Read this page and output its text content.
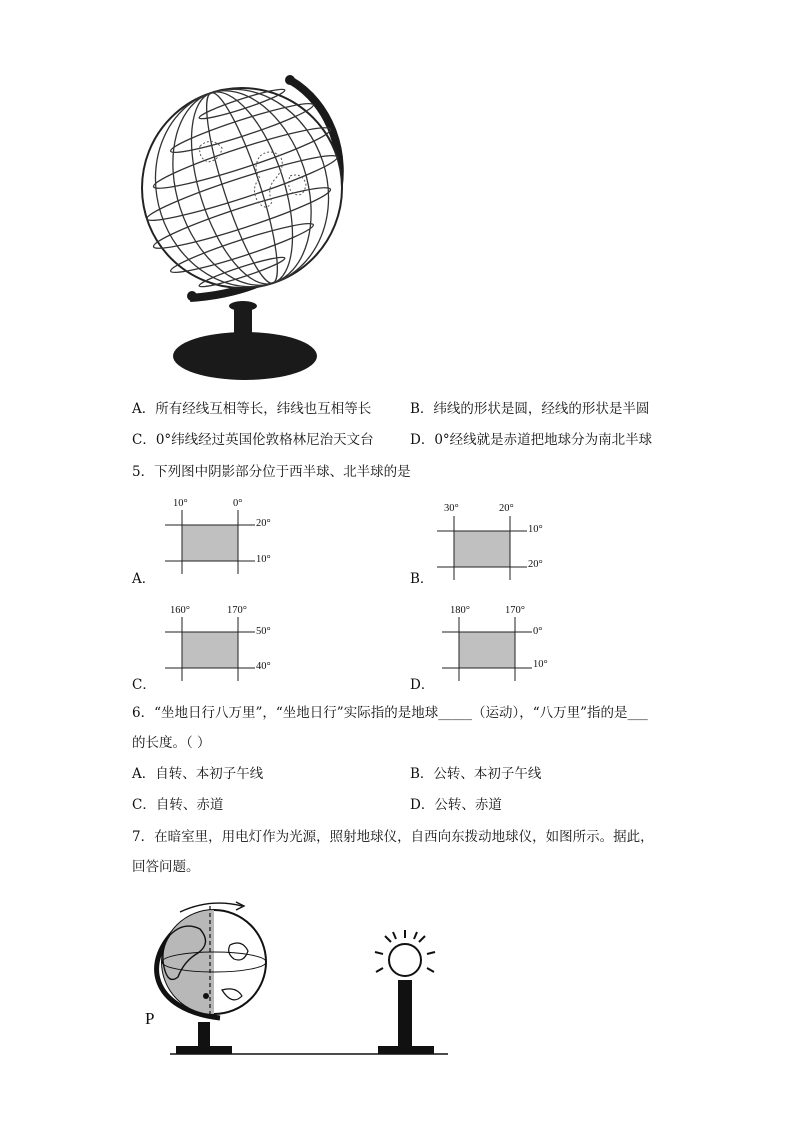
A．所有经线互相等长，纬线也互相等长	B．纬线的形状是圆，经线的形状是半圆
C．0°纬线经过英国伦敦格林尼治天文台	D．0°经线就是赤道把地球分为南北半球
5．下列图中阴影部分位于西半球、北半球的是
10°	0°
20°
10°
A．
30°	20°
10°
20°
B．
160°	170°
50°
40°
C．
180°	170°
0°
10°
D．
6．“坐地日行八万里”，“坐地日行”实际指的是地球_____（运动），“八万里”指的是___
的长度。（ ）
A．自转、本初子午线	B．公转、本初子午线
C．自转、赤道	D．公转、赤道
7．在暗室里，用电灯作为光源，照射地球仪，自西向东拨动地球仪，如图所示。据此，
回答问题。
P
